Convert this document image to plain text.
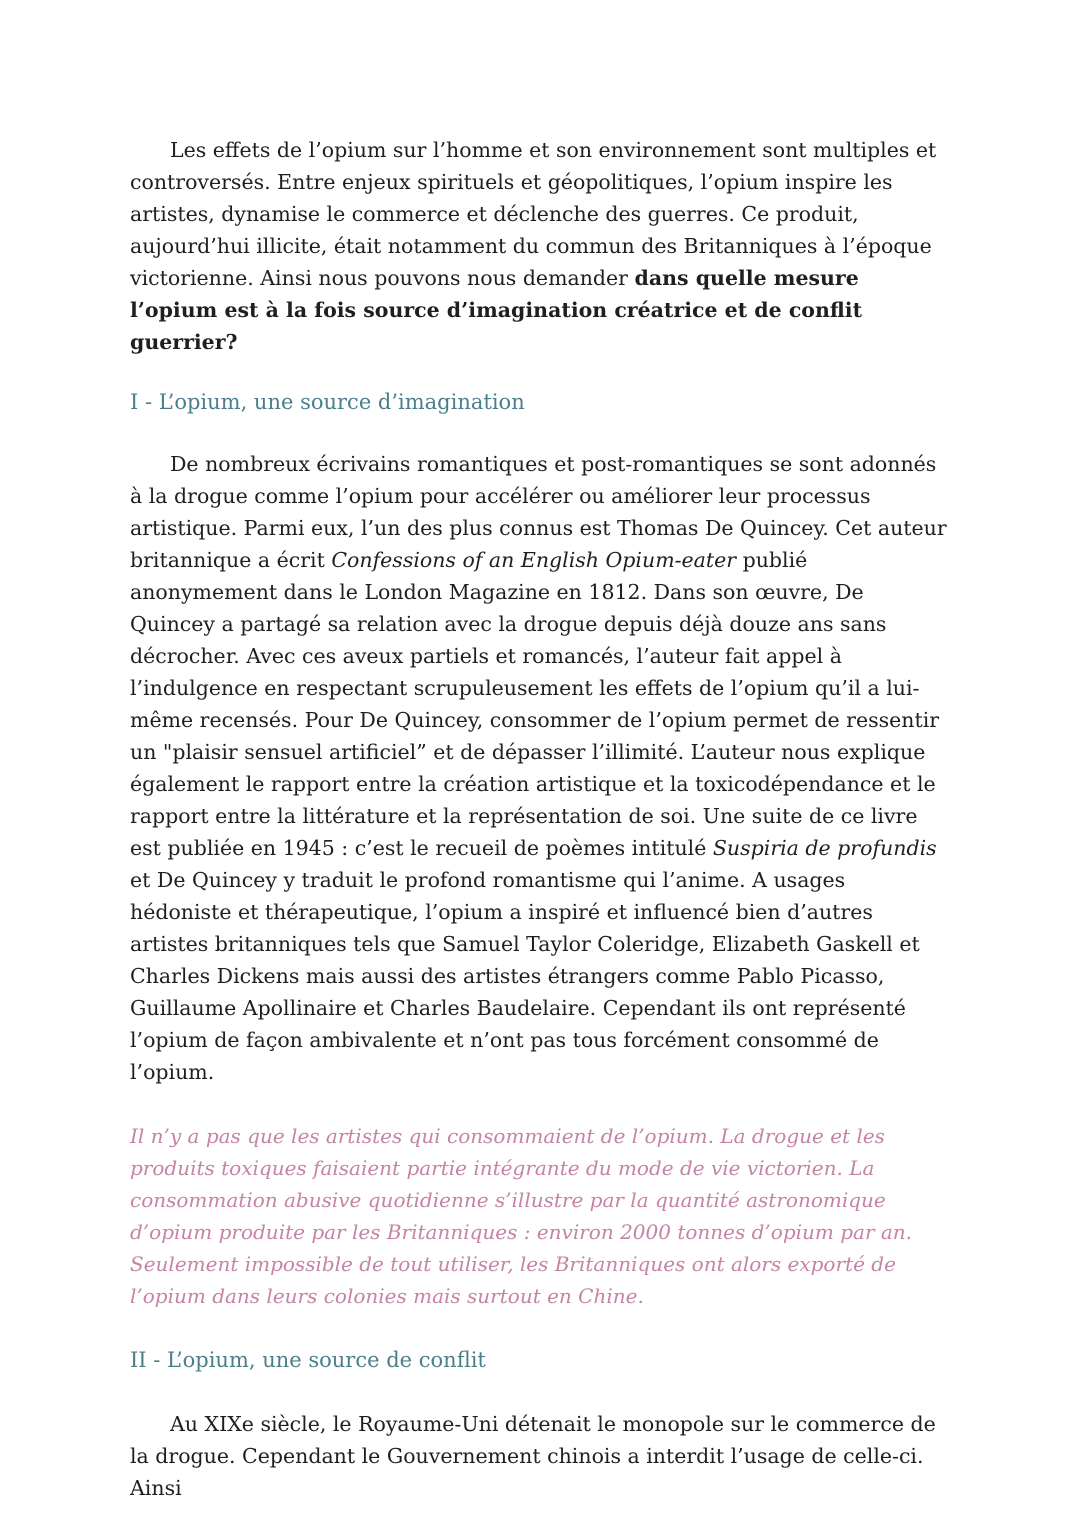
Les effets de l’opium sur l’homme et son environnement sont multiples et controversés. Entre enjeux spirituels et géopolitiques, l’opium inspire les artistes, dynamise le commerce et déclenche des guerres. Ce produit, aujourd’hui illicite, était notamment du commun des Britanniques à l’époque victorienne. Ainsi nous pouvons nous demander dans quelle mesure l’opium est à la fois source d’imagination créatrice et de conflit guerrier?

I - L’opium, une source d’imagination

De nombreux écrivains romantiques et post-romantiques se sont adonnés à la drogue comme l’opium pour accélérer ou améliorer leur processus artistique. Parmi eux, l’un des plus connus est Thomas De Quincey. Cet auteur britannique a écrit Confessions of an English Opium-eater publié anonymement dans le London Magazine en 1812. Dans son œuvre, De Quincey a partagé sa relation avec la drogue depuis déjà douze ans sans décrocher. Avec ces aveux partiels et romancés, l’auteur fait appel à l’indulgence en respectant scrupuleusement les effets de l’opium qu’il a lui-même recensés. Pour De Quincey, consommer de l’opium permet de ressentir un "plaisir sensuel artificiel” et de dépasser l’illimité. L’auteur nous explique également le rapport entre la création artistique et la toxicodépendance et le rapport entre la littérature et la représentation de soi. Une suite de ce livre est publiée en 1945 : c’est le recueil de poèmes intitulé Suspiria de profundis et De Quincey y traduit le profond romantisme qui l’anime. A usages hédoniste et thérapeutique, l’opium a inspiré et influencé bien d’autres artistes britanniques tels que Samuel Taylor Coleridge, Elizabeth Gaskell et Charles Dickens mais aussi des artistes étrangers comme Pablo Picasso, Guillaume Apollinaire et Charles Baudelaire. Cependant ils ont représenté l’opium de façon ambivalente et n’ont pas tous forcément consommé de l’opium.

Il n’y a pas que les artistes qui consommaient de l’opium. La drogue et les produits toxiques faisaient partie intégrante du mode de vie victorien. La consommation abusive quotidienne s’illustre par la quantité astronomique d’opium produite par les Britanniques : environ 2000 tonnes d’opium par an. Seulement impossible de tout utiliser, les Britanniques ont alors exporté de l’opium dans leurs colonies mais surtout en Chine.

II - L’opium, une source de conflit

Au XIXe siècle, le Royaume-Uni détenait le monopole sur le commerce de la drogue. Cependant le Gouvernement chinois a interdit l’usage de celle-ci. Ainsi
